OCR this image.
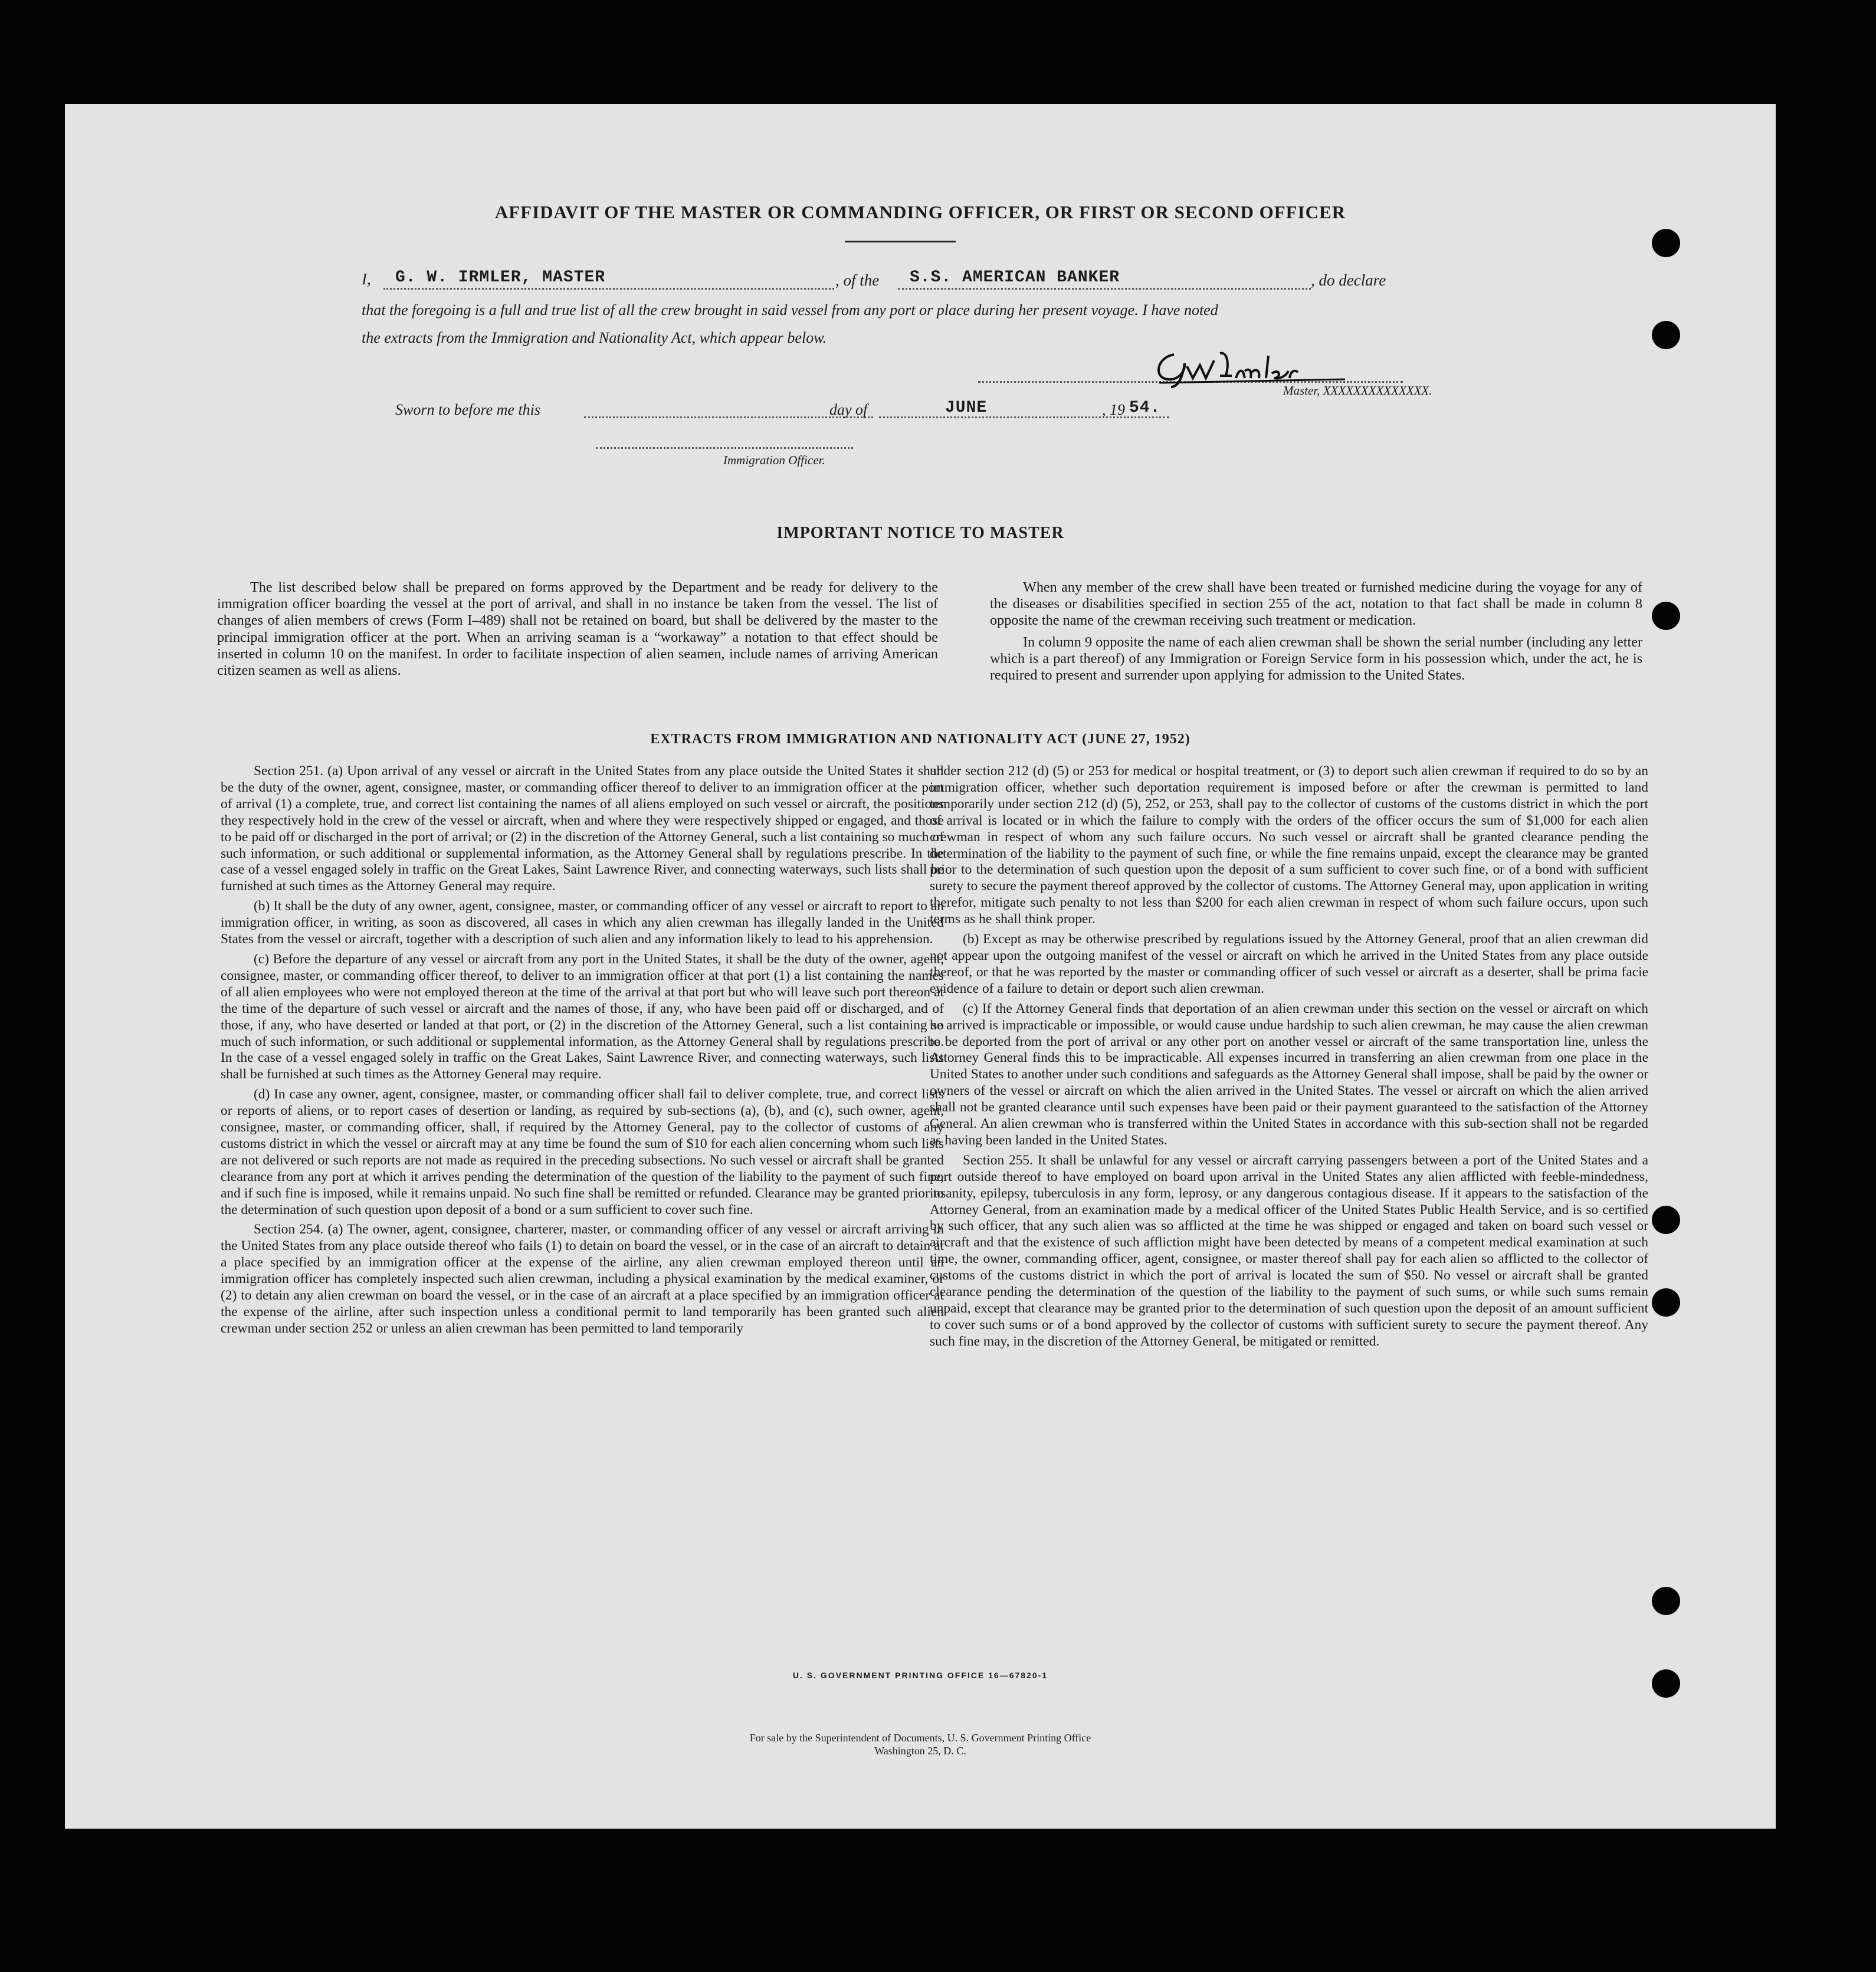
AFFIDAVIT OF THE MASTER OR COMMANDING OFFICER, OR FIRST OR SECOND OFFICER
I, G. W. IRMLER, MASTER	, of the S.S. AMERICAN BANKER	, do declare
that the foregoing is a full and true list of all the crew brought in said vessel from any port or place during her present voyage. I have noted
the extracts from the Immigration and Nationality Act, which appear below.
Master, XXXXXXXXXXXXXX.
Sworn to before me this	day of	JUNE	, 19 54.
Immigration Officer.
IMPORTANT NOTICE TO MASTER

The list described below shall be prepared on forms approved by the Department and be ready for delivery to the immigration officer boarding the vessel at the port of arrival, and shall in no instance be taken from the vessel. The list of changes of alien members of crews (Form I–489) shall not be retained on board, but shall be delivered by the master to the principal immigration officer at the port. When an arriving seaman is a “workaway” a notation to that effect should be inserted in column 10 on the manifest. In order to facilitate inspection of alien seamen, include names of arriving American citizen seamen as well as aliens.

When any member of the crew shall have been treated or furnished medicine during the voyage for any of the diseases or disabilities specified in section 255 of the act, notation to that fact shall be made in column 8 opposite the name of the crewman receiving such treatment or medication.

In column 9 opposite the name of each alien crewman shall be shown the serial number (including any letter which is a part thereof) of any Immigration or Foreign Service form in his possession which, under the act, he is required to present and surrender upon applying for admission to the United States.

EXTRACTS FROM IMMIGRATION AND NATIONALITY ACT (JUNE 27, 1952)

Section 251. (a) Upon arrival of any vessel or aircraft in the United States from any place outside the United States it shall be the duty of the owner, agent, consignee, master, or commanding officer thereof to deliver to an immigration officer at the port of arrival (1) a complete, true, and correct list containing the names of all aliens employed on such vessel or aircraft, the positions they respectively hold in the crew of the vessel or aircraft, when and where they were respectively shipped or engaged, and those to be paid off or discharged in the port of arrival; or (2) in the discretion of the Attorney General, such a list containing so much of such information, or such additional or supplemental information, as the Attorney General shall by regulations prescribe. In the case of a vessel engaged solely in traffic on the Great Lakes, Saint Lawrence River, and connecting waterways, such lists shall be furnished at such times as the Attorney General may require.

(b) It shall be the duty of any owner, agent, consignee, master, or commanding officer of any vessel or aircraft to report to an immigration officer, in writing, as soon as discovered, all cases in which any alien crewman has illegally landed in the United States from the vessel or aircraft, together with a description of such alien and any information likely to lead to his apprehension.

(c) Before the departure of any vessel or aircraft from any port in the United States, it shall be the duty of the owner, agent, consignee, master, or commanding officer thereof, to deliver to an immigration officer at that port (1) a list containing the names of all alien employees who were not employed thereon at the time of the arrival at that port but who will leave such port thereon at the time of the departure of such vessel or aircraft and the names of those, if any, who have been paid off or discharged, and of those, if any, who have deserted or landed at that port, or (2) in the discretion of the Attorney General, such a list containing so much of such information, or such additional or supplemental information, as the Attorney General shall by regulations prescribe. In the case of a vessel engaged solely in traffic on the Great Lakes, Saint Lawrence River, and connecting waterways, such lists shall be furnished at such times as the Attorney General may require.

(d) In case any owner, agent, consignee, master, or commanding officer shall fail to deliver complete, true, and correct lists or reports of aliens, or to report cases of desertion or landing, as required by sub-sections (a), (b), and (c), such owner, agent, consignee, master, or commanding officer, shall, if required by the Attorney General, pay to the collector of customs of any customs district in which the vessel or aircraft may at any time be found the sum of $10 for each alien concerning whom such lists are not delivered or such reports are not made as required in the preceding subsections. No such vessel or aircraft shall be granted clearance from any port at which it arrives pending the determination of the question of the liability to the payment of such fine, and if such fine is imposed, while it remains unpaid. No such fine shall be remitted or refunded. Clearance may be granted prior to the determination of such question upon deposit of a bond or a sum sufficient to cover such fine.

Section 254. (a) The owner, agent, consignee, charterer, master, or commanding officer of any vessel or aircraft arriving in the United States from any place outside thereof who fails (1) to detain on board the vessel, or in the case of an aircraft to detain at a place specified by an immigration officer at the expense of the airline, any alien crewman employed thereon until an immigration officer has completely inspected such alien crewman, including a physical examination by the medical examiner, or (2) to detain any alien crewman on board the vessel, or in the case of an aircraft at a place specified by an immigration officer at the expense of the airline, after such inspection unless a conditional permit to land temporarily has been granted such alien crewman under section 252 or unless an alien crewman has been permitted to land temporarily

under section 212 (d) (5) or 253 for medical or hospital treatment, or (3) to deport such alien crewman if required to do so by an immigration officer, whether such deportation requirement is imposed before or after the crewman is permitted to land temporarily under section 212 (d) (5), 252, or 253, shall pay to the collector of customs of the customs district in which the port of arrival is located or in which the failure to comply with the orders of the officer occurs the sum of $1,000 for each alien crewman in respect of whom any such failure occurs. No such vessel or aircraft shall be granted clearance pending the determination of the liability to the payment of such fine, or while the fine remains unpaid, except the clearance may be granted prior to the determination of such question upon the deposit of a sum sufficient to cover such fine, or of a bond with sufficient surety to secure the payment thereof approved by the collector of customs. The Attorney General may, upon application in writing therefor, mitigate such penalty to not less than $200 for each alien crewman in respect of whom such failure occurs, upon such terms as he shall think proper.

(b) Except as may be otherwise prescribed by regulations issued by the Attorney General, proof that an alien crewman did not appear upon the outgoing manifest of the vessel or aircraft on which he arrived in the United States from any place outside thereof, or that he was reported by the master or commanding officer of such vessel or aircraft as a deserter, shall be prima facie evidence of a failure to detain or deport such alien crewman.

(c) If the Attorney General finds that deportation of an alien crewman under this section on the vessel or aircraft on which he arrived is impracticable or impossible, or would cause undue hardship to such alien crewman, he may cause the alien crewman to be deported from the port of arrival or any other port on another vessel or aircraft of the same transportation line, unless the Attorney General finds this to be impracticable. All expenses incurred in transferring an alien crewman from one place in the United States to another under such conditions and safeguards as the Attorney General shall impose, shall be paid by the owner or owners of the vessel or aircraft on which the alien arrived in the United States. The vessel or aircraft on which the alien arrived shall not be granted clearance until such expenses have been paid or their payment guaranteed to the satisfaction of the Attorney General. An alien crewman who is transferred within the United States in accordance with this sub-section shall not be regarded as having been landed in the United States.

Section 255. It shall be unlawful for any vessel or aircraft carrying passengers between a port of the United States and a port outside thereof to have employed on board upon arrival in the United States any alien afflicted with feeble-mindedness, insanity, epilepsy, tuberculosis in any form, leprosy, or any dangerous contagious disease. If it appears to the satisfaction of the Attorney General, from an examination made by a medical officer of the United States Public Health Service, and is so certified by such officer, that any such alien was so afflicted at the time he was shipped or engaged and taken on board such vessel or aircraft and that the existence of such affliction might have been detected by means of a competent medical examination at such time, the owner, commanding officer, agent, consignee, or master thereof shall pay for each alien so afflicted to the collector of customs of the customs district in which the port of arrival is located the sum of $50. No vessel or aircraft shall be granted clearance pending the determination of the question of the liability to the payment of such sums, or while such sums remain unpaid, except that clearance may be granted prior to the determination of such question upon the deposit of an amount sufficient to cover such sums or of a bond approved by the collector of customs with sufficient surety to secure the payment thereof. Any such fine may, in the discretion of the Attorney General, be mitigated or remitted.

U. S. GOVERNMENT PRINTING OFFICE 16—67820-1
For sale by the Superintendent of Documents, U. S. Government Printing Office
Washington 25, D. C.
